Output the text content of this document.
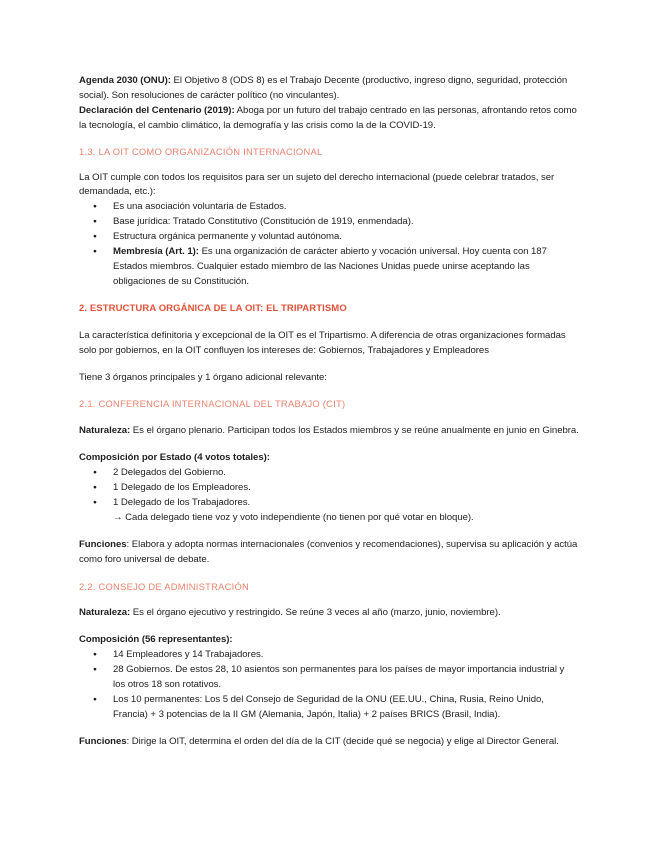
Agenda 2030 (ONU): El Objetivo 8 (ODS 8) es el Trabajo Decente (productivo, ingreso digno, seguridad, protección social). Son resoluciones de carácter político (no vinculantes).

Declaración del Centenario (2019): Aboga por un futuro del trabajo centrado en las personas, afrontando retos como la tecnología, el cambio climático, la demografía y las crisis como la de la COVID-19.

1.3. LA OIT COMO ORGANIZACIÓN INTERNACIONAL

La OIT cumple con todos los requisitos para ser un sujeto del derecho internacional (puede celebrar tratados, ser demandada, etc.):

● Es una asociación voluntaria de Estados.
● Base jurídica: Tratado Constitutivo (Constitución de 1919, enmendada).
● Estructura orgánica permanente y voluntad autónoma.
● Membresía (Art. 1): Es una organización de carácter abierto y vocación universal. Hoy cuenta con 187 Estados miembros. Cualquier estado miembro de las Naciones Unidas puede unirse aceptando las obligaciones de su Constitución.

2. ESTRUCTURA ORGÁNICA DE LA OIT: EL TRIPARTISMO

La característica definitoria y excepcional de la OIT es el Tripartismo. A diferencia de otras organizaciones formadas solo por gobiernos, en la OIT confluyen los intereses de: Gobiernos, Trabajadores y Empleadores

Tiene 3 órganos principales y 1 órgano adicional relevante:

2.1. CONFERENCIA INTERNACIONAL DEL TRABAJO (CIT)

Naturaleza: Es el órgano plenario. Participan todos los Estados miembros y se reúne anualmente en junio en Ginebra.

Composición por Estado (4 votos totales):

● 2 Delegados del Gobierno.
● 1 Delegado de los Empleadores.
● 1 Delegado de los Trabajadores.
→ Cada delegado tiene voz y voto independiente (no tienen por qué votar en bloque).

Funciones: Elabora y adopta normas internacionales (convenios y recomendaciones), supervisa su aplicación y actúa como foro universal de debate.

2.2. CONSEJO DE ADMINISTRACIÓN

Naturaleza: Es el órgano ejecutivo y restringido. Se reúne 3 veces al año (marzo, junio, noviembre).

Composición (56 representantes):

● 14 Empleadores y 14 Trabajadores.
● 28 Gobiernos. De estos 28, 10 asientos son permanentes para los países de mayor importancia industrial y los otros 18 son rotativos.
● Los 10 permanentes: Los 5 del Consejo de Seguridad de la ONU (EE.UU., China, Rusia, Reino Unido, Francia) + 3 potencias de la II GM (Alemania, Japón, Italia) + 2 países BRICS (Brasil, India).

Funciones: Dirige la OIT, determina el orden del día de la CIT (decide qué se negocia) y elige al Director General.
